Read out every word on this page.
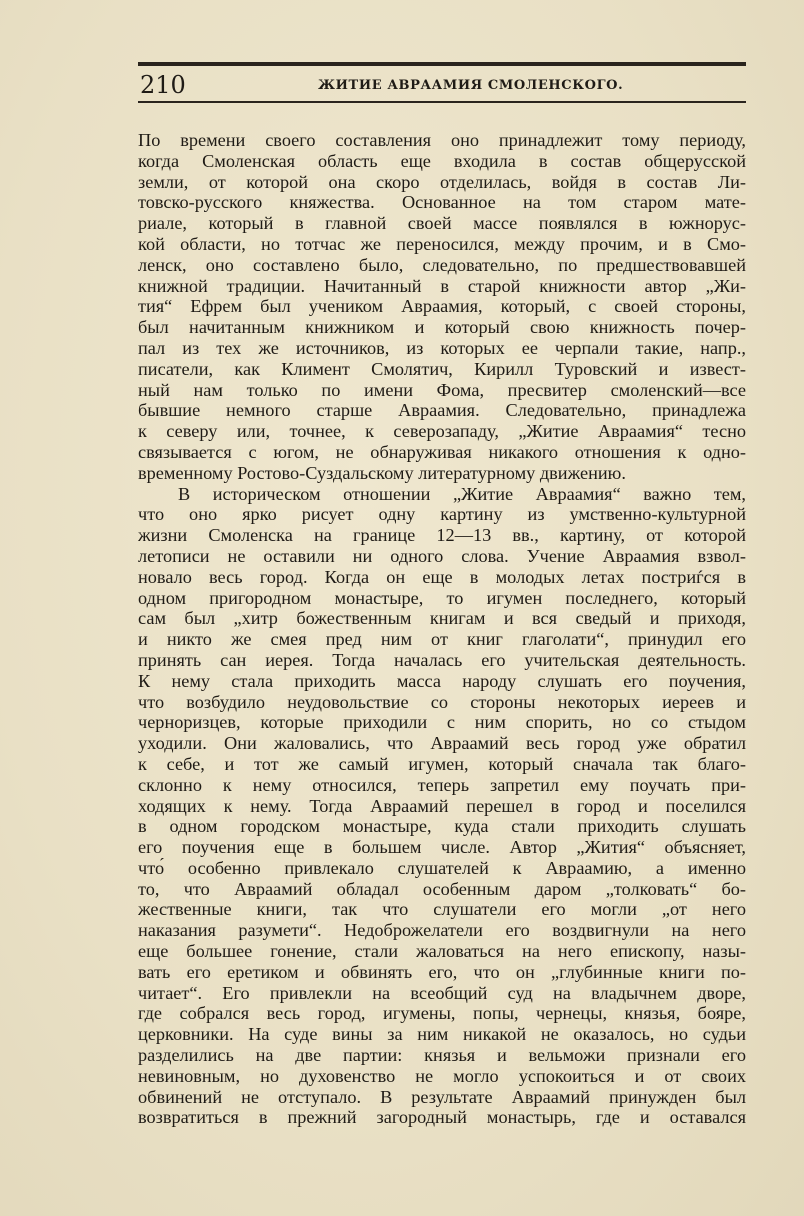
210	ЖИТИЕ АВРААМИЯ СМОЛЕНСКОГО.
По времени своего составления оно принадлежит тому периоду,
когда Смоленская область еще входила в состав общерусской
земли, от которой она скоро отделилась, войдя в состав Ли-
товско-русского княжества. Основанное на том старом мате-
риале, который в главной своей массе появлялся в южнорус-
кой области, но тотчас же переносился, между прочим, и в Смо-
ленск, оно составлено было, следовательно, по предшествовавшей
книжной традиции. Начитанный в старой книжности автор „Жи-
тия“ Ефрем был учеником Авраамия, который, с своей стороны,
был начитанным книжником и который свою книжность почер-
пал из тех же источников, из которых ее черпали такие, напр.,
писатели, как Климент Смолятич, Кирилл Туровский и извест-
ный нам только по имени Фома, пресвитер смоленский—все
бывшие немного старше Авраамия. Следовательно, принадлежа
к северу или, точнее, к северозападу, „Житие Авраамия“ тесно
связывается с югом, не обнаруживая никакого отношения к одно-
временному Ростово-Суздальскому литературному движению.
В историческом отношении „Житие Авраамия“ важно тем,
что оно ярко рисует одну картину из умственно-культурной
жизни Смоленска на границе 12—13 вв., картину, от которой
летописи не оставили ни одного слова. Учение Авраамия взвол-
новало весь город. Когда он еще в молодых летах постриѓся в
одном пригородном монастыре, то игумен последнего, который
сам был „хитр божественным книгам и вся сведый и приходя,
и никто же смея пред ним от книг глаголати“, принудил его
принять сан иерея. Тогда началась его учительская деятельность.
К нему стала приходить масса народу слушать его поучения,
что возбудило неудовольствие со стороны некоторых иереев и
черноризцев, которые приходили с ним спорить, но со стыдом
уходили. Они жаловались, что Авраамий весь город уже обратил
к себе, и тот же самый игумен, который сначала так благо-
склонно к нему относился, теперь запретил ему поучать при-
ходящих к нему. Тогда Авраамий перешел в город и поселился
в одном городском монастыре, куда стали приходить слушать
его поучения еще в большем числе. Автор „Жития“ объясняет,
что́ особенно привлекало слушателей к Авраамию, а именно
то, что Авраамий обладал особенным даром „толковать“ бо-
жественные книги, так что слушатели его могли „от него
наказания разумети“. Недоброжелатели его воздвигнули на него
еще большее гонение, стали жаловаться на него епископу, назы-
вать его еретиком и обвинять его, что он „глубинные книги по-
читает“. Его привлекли на всеобщий суд на владычнем дворе,
где собрался весь город, игумены, попы, чернецы, князья, бояре,
церковники. На суде вины за ним никакой не оказалось, но судьи
разделились на две партии: князья и вельможи признали его
невиновным, но духовенство не могло успокоиться и от своих
обвинений не отступало. В результате Авраамий принужден был
возвратиться в прежний загородный монастырь, где и оставался
